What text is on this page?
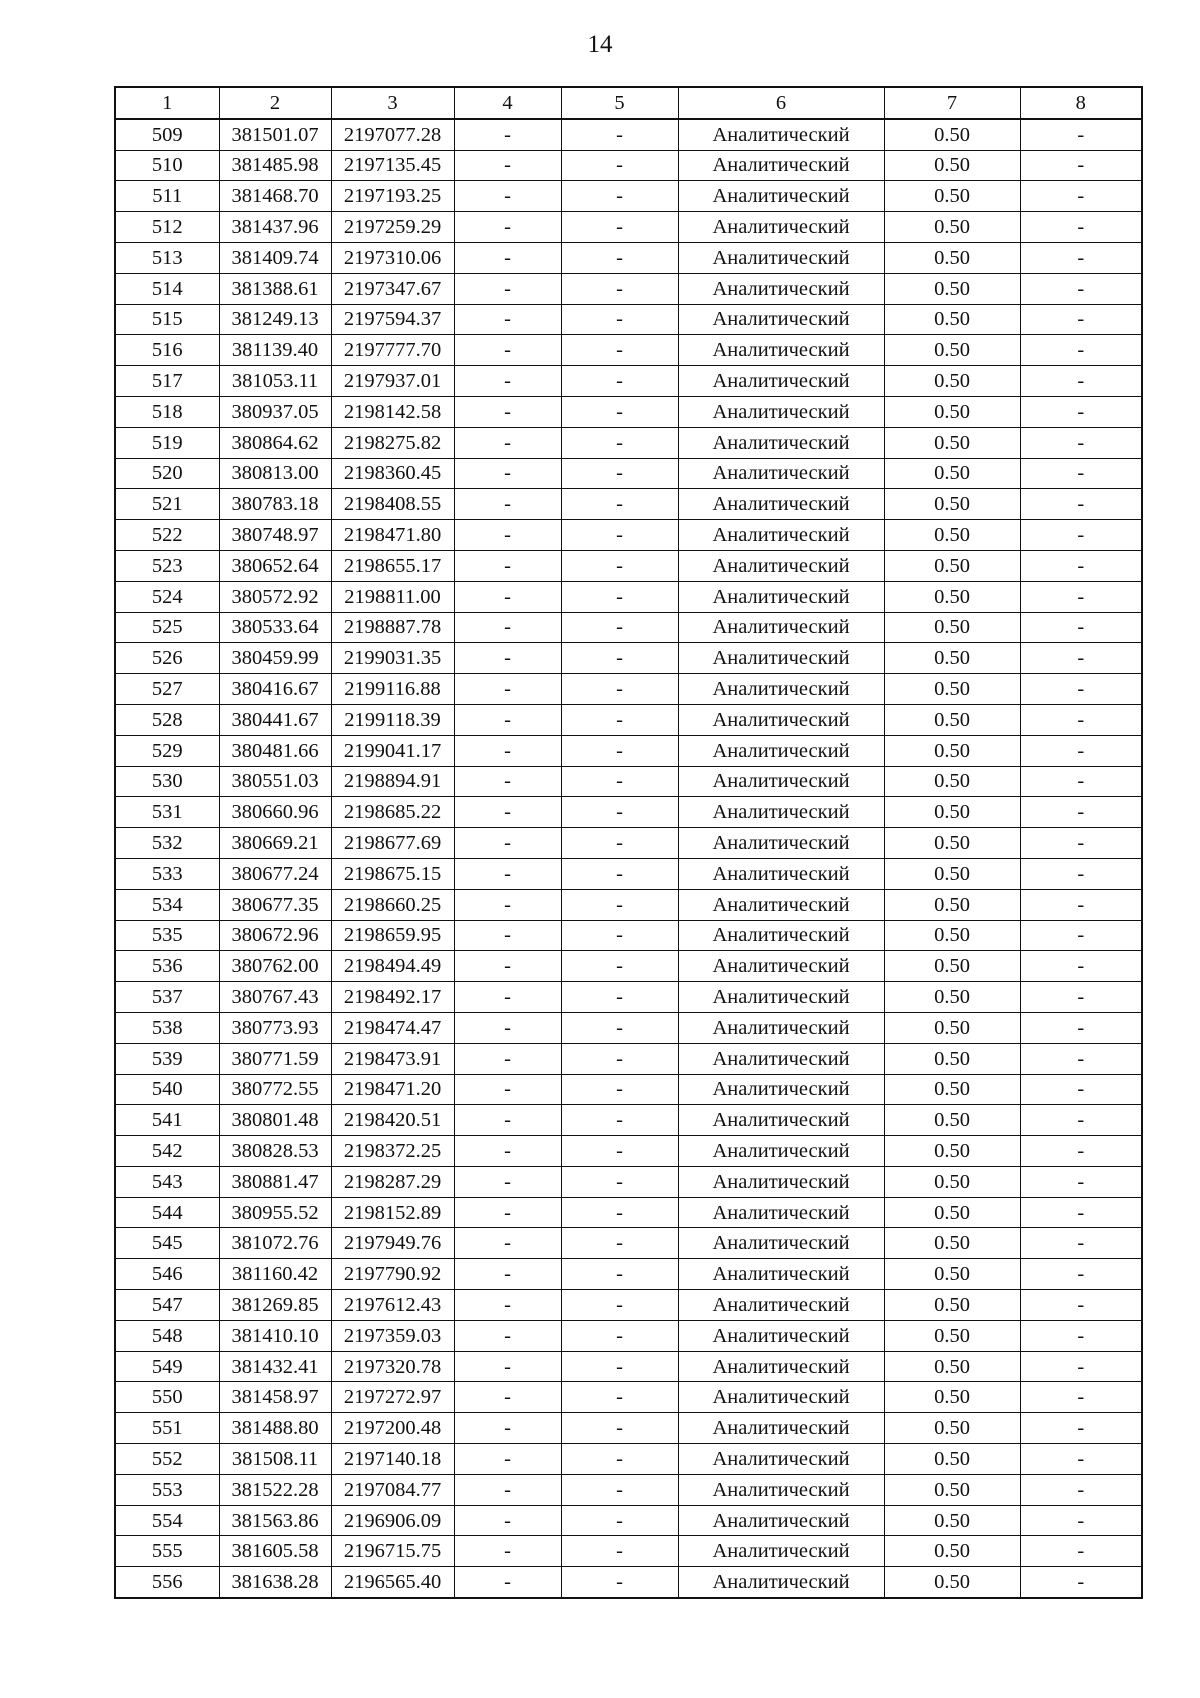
14
1	2	3	4	5	6	7	8
509	381501.07	2197077.28	-	-	Аналитический	0.50	-
510	381485.98	2197135.45	-	-	Аналитический	0.50	-
511	381468.70	2197193.25	-	-	Аналитический	0.50	-
512	381437.96	2197259.29	-	-	Аналитический	0.50	-
513	381409.74	2197310.06	-	-	Аналитический	0.50	-
514	381388.61	2197347.67	-	-	Аналитический	0.50	-
515	381249.13	2197594.37	-	-	Аналитический	0.50	-
516	381139.40	2197777.70	-	-	Аналитический	0.50	-
517	381053.11	2197937.01	-	-	Аналитический	0.50	-
518	380937.05	2198142.58	-	-	Аналитический	0.50	-
519	380864.62	2198275.82	-	-	Аналитический	0.50	-
520	380813.00	2198360.45	-	-	Аналитический	0.50	-
521	380783.18	2198408.55	-	-	Аналитический	0.50	-
522	380748.97	2198471.80	-	-	Аналитический	0.50	-
523	380652.64	2198655.17	-	-	Аналитический	0.50	-
524	380572.92	2198811.00	-	-	Аналитический	0.50	-
525	380533.64	2198887.78	-	-	Аналитический	0.50	-
526	380459.99	2199031.35	-	-	Аналитический	0.50	-
527	380416.67	2199116.88	-	-	Аналитический	0.50	-
528	380441.67	2199118.39	-	-	Аналитический	0.50	-
529	380481.66	2199041.17	-	-	Аналитический	0.50	-
530	380551.03	2198894.91	-	-	Аналитический	0.50	-
531	380660.96	2198685.22	-	-	Аналитический	0.50	-
532	380669.21	2198677.69	-	-	Аналитический	0.50	-
533	380677.24	2198675.15	-	-	Аналитический	0.50	-
534	380677.35	2198660.25	-	-	Аналитический	0.50	-
535	380672.96	2198659.95	-	-	Аналитический	0.50	-
536	380762.00	2198494.49	-	-	Аналитический	0.50	-
537	380767.43	2198492.17	-	-	Аналитический	0.50	-
538	380773.93	2198474.47	-	-	Аналитический	0.50	-
539	380771.59	2198473.91	-	-	Аналитический	0.50	-
540	380772.55	2198471.20	-	-	Аналитический	0.50	-
541	380801.48	2198420.51	-	-	Аналитический	0.50	-
542	380828.53	2198372.25	-	-	Аналитический	0.50	-
543	380881.47	2198287.29	-	-	Аналитический	0.50	-
544	380955.52	2198152.89	-	-	Аналитический	0.50	-
545	381072.76	2197949.76	-	-	Аналитический	0.50	-
546	381160.42	2197790.92	-	-	Аналитический	0.50	-
547	381269.85	2197612.43	-	-	Аналитический	0.50	-
548	381410.10	2197359.03	-	-	Аналитический	0.50	-
549	381432.41	2197320.78	-	-	Аналитический	0.50	-
550	381458.97	2197272.97	-	-	Аналитический	0.50	-
551	381488.80	2197200.48	-	-	Аналитический	0.50	-
552	381508.11	2197140.18	-	-	Аналитический	0.50	-
553	381522.28	2197084.77	-	-	Аналитический	0.50	-
554	381563.86	2196906.09	-	-	Аналитический	0.50	-
555	381605.58	2196715.75	-	-	Аналитический	0.50	-
556	381638.28	2196565.40	-	-	Аналитический	0.50	-
